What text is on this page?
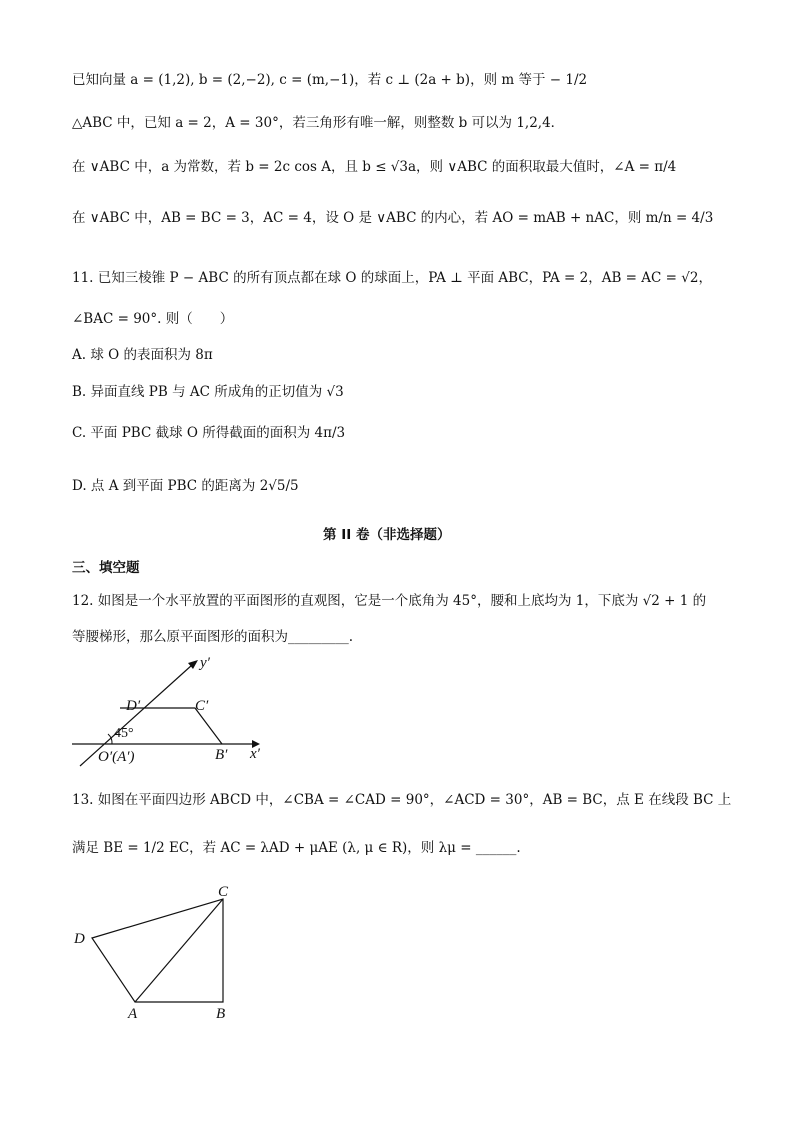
已知向量 a = (1,2), b = (2,−2), c = (m,−1)，若 c ⊥ (2a + b)，则 m 等于 − 1/2
△ABC 中，已知 a = 2，A = 30°，若三角形有唯一解，则整数 b 可以为 1,2,4．
在 ∨ABC 中，a 为常数，若 b = 2c cos A，且 b ≤ √3a，则 ∨ABC 的面积取最大值时，∠A = π/4
在 ∨ABC 中，AB = BC = 3，AC = 4，设 O 是 ∨ABC 的内心，若 AO = mAB + nAC，则 m/n = 4/3
11. 已知三棱锥 P − ABC 的所有顶点都在球 O 的球面上，PA ⊥ 平面 ABC，PA = 2，AB = AC = √2，
∠BAC = 90°. 则（　　）
A. 球 O 的表面积为 8π
B. 异面直线 PB 与 AC 所成角的正切值为 √3
C. 平面 PBC 截球 O 所得截面的面积为 4π/3
D. 点 A 到平面 PBC 的距离为 2√5/5
第 II 卷（非选择题）
三、填空题
12. 如图是一个水平放置的平面图形的直观图，它是一个底角为 45°，腰和上底均为 1，下底为 √2 + 1 的
等腰梯形，那么原平面图形的面积为_________.
y′
x′
D′	C′
B′
O′(A′)
45°
13. 如图在平面四边形 ABCD 中，∠CBA = ∠CAD = 90°，∠ACD = 30°，AB = BC，点 E 在线段 BC 上
满足 BE = 1/2 EC，若 AC = λAD + μAE (λ, μ ∈ R)，则 λμ = ______.
C
D
A	B
